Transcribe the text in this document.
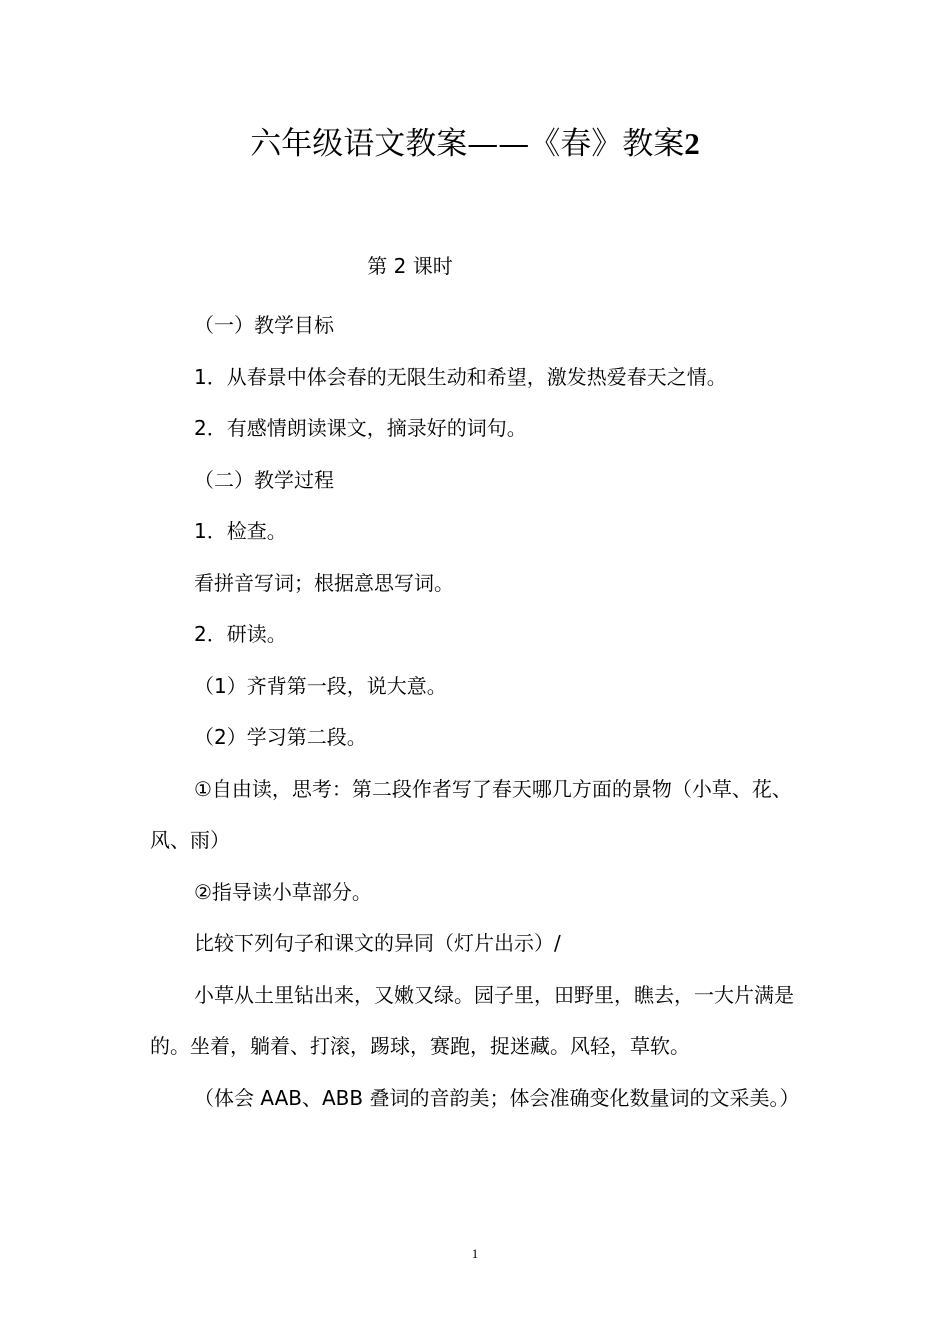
六年级语文教案——《春》教案2
第 2 课时

（一）教学目标

1．从春景中体会春的无限生动和希望，激发热爱春天之情。

2．有感情朗读课文，摘录好的词句。

（二）教学过程

1．检查。

看拼音写词；根据意思写词。

2．研读。

（1）齐背第一段，说大意。

（2）学习第二段。

①自由读，思考：第二段作者写了春天哪几方面的景物（小草、花、风、雨）

②指导读小草部分。

比较下列句子和课文的异同（灯片出示）/

小草从土里钻出来，又嫩又绿。园子里，田野里，瞧去，一大片满是的。坐着，躺着、打滚，踢球，赛跑，捉迷藏。风轻，草软。

（体会 AAB、ABB 叠词的音韵美；体会准确变化数量词的文采美。）

1
